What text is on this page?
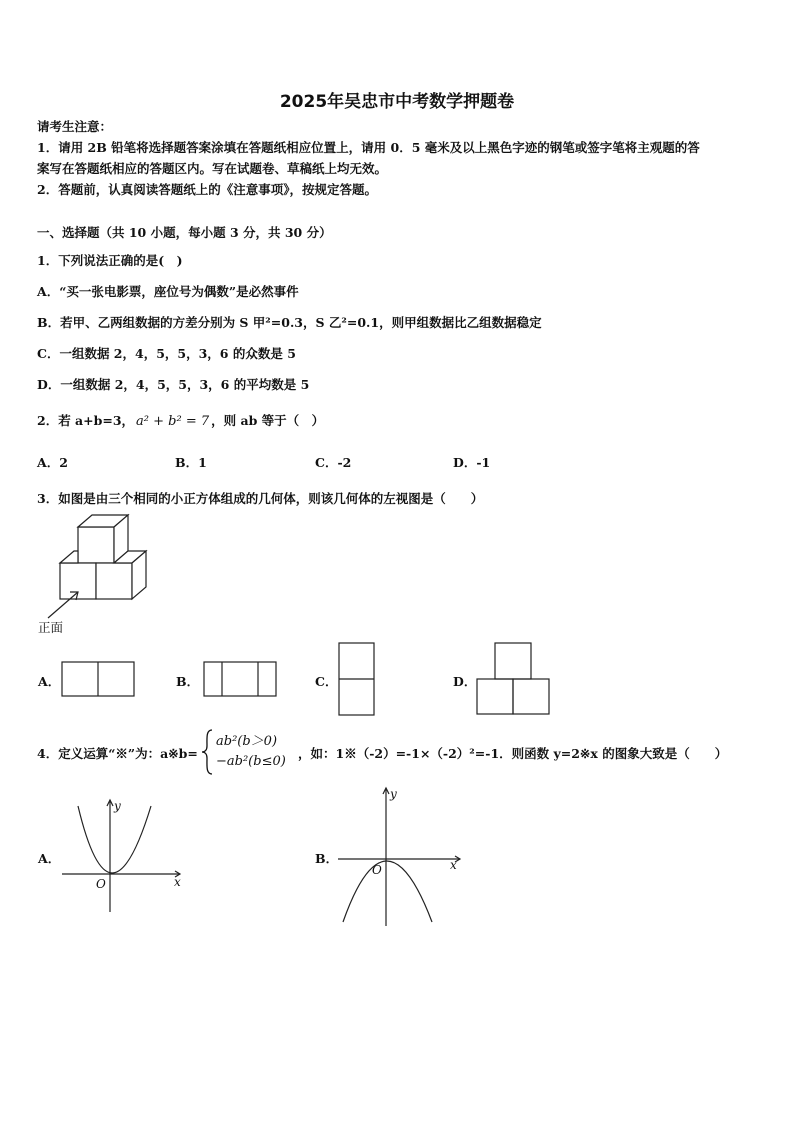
2025年吴忠市中考数学押题卷
请考生注意：
1．请用 2B 铅笔将选择题答案涂填在答题纸相应位置上，请用 0．5 毫米及以上黑色字迹的钢笔或签字笔将主观题的答
案写在答题纸相应的答题区内。写在试题卷、草稿纸上均无效。
2．答题前，认真阅读答题纸上的《注意事项》，按规定答题。
一、选择题（共 10 小题，每小题 3 分，共 30 分）
1．下列说法正确的是(　)
A．“买一张电影票，座位号为偶数”是必然事件
B．若甲、乙两组数据的方差分别为 S 甲²=0.3，S 乙²=0.1，则甲组数据比乙组数据稳定
C．一组数据 2，4，5，5，3，6 的众数是 5
D．一组数据 2，4，5，5，3，6 的平均数是 5
2．若 a+b=3， a² + b² = 7 ，则 ab 等于（　）
A．2	B．1	C．-2	D．-1
3．如图是由三个相同的小正方体组成的几何体，则该几何体的左视图是（　　）
正面
A．	B．	C．	D．
4．定义运算“※”为：a※b=
ab²(b＞0)
−ab²(b≤0)
，如：1※（-2）=-1×（-2）²=-1．则函数 y=2※x 的图象大致是（　　）
A．
y
x
O
B．
y
x
O
